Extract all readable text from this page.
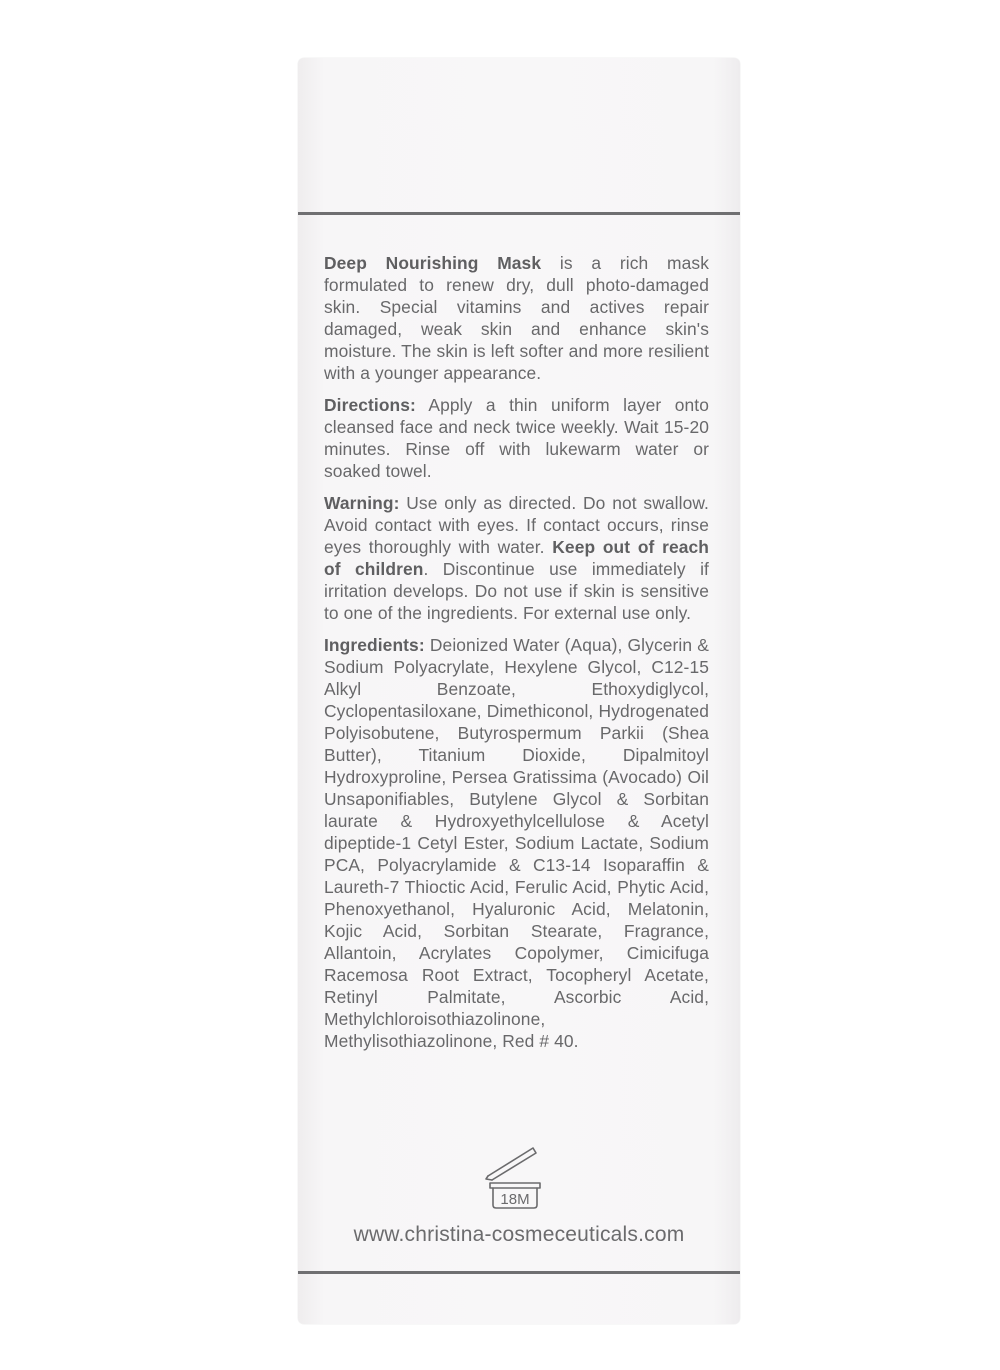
Deep Nourishing Mask is a rich mask formulated to renew dry, dull photo-damaged skin. Special vitamins and actives repair damaged, weak skin and enhance skin's moisture. The skin is left softer and more resilient with a younger appearance.

Directions: Apply a thin uniform layer onto cleansed face and neck twice weekly. Wait 15-20 minutes. Rinse off with lukewarm water or soaked towel.

Warning: Use only as directed. Do not swallow. Avoid contact with eyes. If contact occurs, rinse eyes thoroughly with water. Keep out of reach of children. Discontinue use immediately if irritation develops. Do not use if skin is sensitive to one of the ingredients. For external use only.

Ingredients: Deionized Water (Aqua), Glycerin & Sodium Polyacrylate, Hexylene Glycol, C12-15 Alkyl Benzoate, Ethoxydiglycol, Cyclopentasiloxane, Dimethiconol, Hydrogenated Polyisobutene, Butyrospermum Parkii (Shea Butter), Titanium Dioxide, Dipalmitoyl Hydroxyproline, Persea Gratissima (Avocado) Oil Unsaponifiables, Butylene Glycol & Sorbitan laurate & Hydroxyethylcellulose & Acetyl dipeptide-1 Cetyl Ester, Sodium Lactate, Sodium PCA, Polyacrylamide & C13-14 Isoparaffin & Laureth-7 Thioctic Acid, Ferulic Acid, Phytic Acid, Phenoxyethanol, Hyaluronic Acid, Melatonin, Kojic Acid, Sorbitan Stearate, Fragrance, Allantoin, Acrylates Copolymer, Cimicifuga Racemosa Root Extract, Tocopheryl Acetate, Retinyl Palmitate, Ascorbic Acid, Methylchloroisothiazolinone, Methylisothiazolinone, Red # 40.

18M
www.christina-cosmeceuticals.com
